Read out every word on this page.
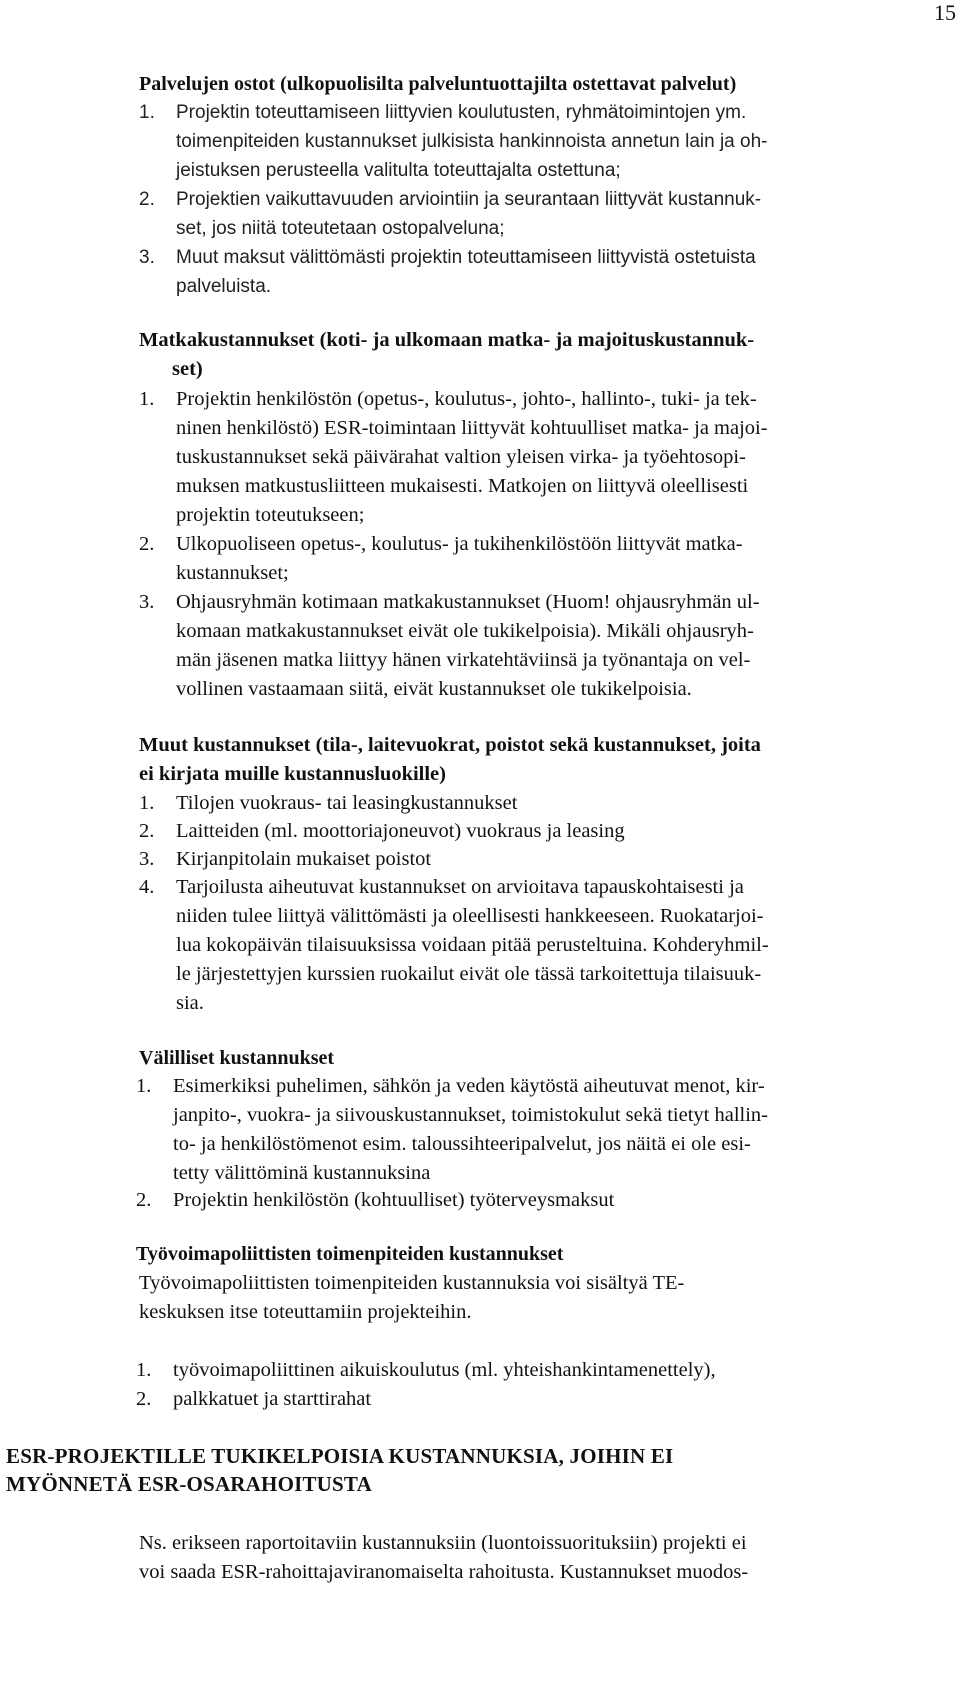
15
Palvelujen ostot (ulkopuolisilta palveluntuottajilta ostettavat palvelut)
1. Projektin toteuttamiseen liittyvien koulutusten, ryhmätoimintojen ym.
toimenpiteiden kustannukset julkisista hankinnoista annetun lain ja oh-
jeistuksen perusteella valitulta toteuttajalta ostettuna;
2. Projektien vaikuttavuuden arviointiin ja seurantaan liittyvät kustannuk-
set, jos niitä toteutetaan ostopalveluna;
3. Muut maksut välittömästi projektin toteuttamiseen liittyvistä ostetuista
palveluista.
Matkakustannukset (koti- ja ulkomaan matka- ja majoituskustannuk-
set)
1. Projektin henkilöstön (opetus-, koulutus-, johto-, hallinto-, tuki- ja tek-
ninen henkilöstö) ESR-toimintaan liittyvät kohtuulliset matka- ja majoi-
tuskustannukset sekä päivärahat valtion yleisen virka- ja työehtosopi-
muksen matkustusliitteen mukaisesti. Matkojen on liittyvä oleellisesti
projektin toteutukseen;
2. Ulkopuoliseen opetus-, koulutus- ja tukihenkilöstöön liittyvät matka-
kustannukset;
3. Ohjausryhmän kotimaan matkakustannukset (Huom! ohjausryhmän ul-
komaan matkakustannukset eivät ole tukikelpoisia). Mikäli ohjausryh-
män jäsenen matka liittyy hänen virkatehtäviinsä ja työnantaja on vel-
vollinen vastaamaan siitä, eivät kustannukset ole tukikelpoisia.
Muut kustannukset (tila-, laitevuokrat, poistot sekä kustannukset, joita
ei kirjata muille kustannusluokille)
1. Tilojen vuokraus- tai leasingkustannukset
2. Laitteiden (ml. moottoriajoneuvot) vuokraus ja leasing
3. Kirjanpitolain mukaiset poistot
4. Tarjoilusta aiheutuvat kustannukset on arvioitava tapauskohtaisesti ja
niiden tulee liittyä välittömästi ja oleellisesti hankkeeseen. Ruokatarjoi-
lua kokopäivän tilaisuuksissa voidaan pitää perusteltuina. Kohderyhmil-
le järjestettyjen kurssien ruokailut eivät ole tässä tarkoitettuja tilaisuuk-
sia.
Välilliset kustannukset
1. Esimerkiksi puhelimen, sähkön ja veden käytöstä aiheutuvat menot, kir-
janpito-, vuokra- ja siivouskustannukset, toimistokulut sekä tietyt hallin-
to- ja henkilöstömenot esim. taloussihteeripalvelut, jos näitä ei ole esi-
tetty välittöminä kustannuksina
2. Projektin henkilöstön (kohtuulliset) työterveysmaksut
Työvoimapoliittisten toimenpiteiden kustannukset
Työvoimapoliittisten toimenpiteiden kustannuksia voi sisältyä TE-
keskuksen itse toteuttamiin projekteihin.
1. työvoimapoliittinen aikuiskoulutus (ml. yhteishankintamenettely),
2. palkkatuet ja starttirahat
ESR-PROJEKTILLE TUKIKELPOISIA KUSTANNUKSIA, JOIHIN EI
MYÖNNETÄ ESR-OSARAHOITUSTA
Ns. erikseen raportoitaviin kustannuksiin (luontoissuorituksiin) projekti ei
voi saada ESR-rahoittajaviranomaiselta rahoitusta. Kustannukset muodos-
